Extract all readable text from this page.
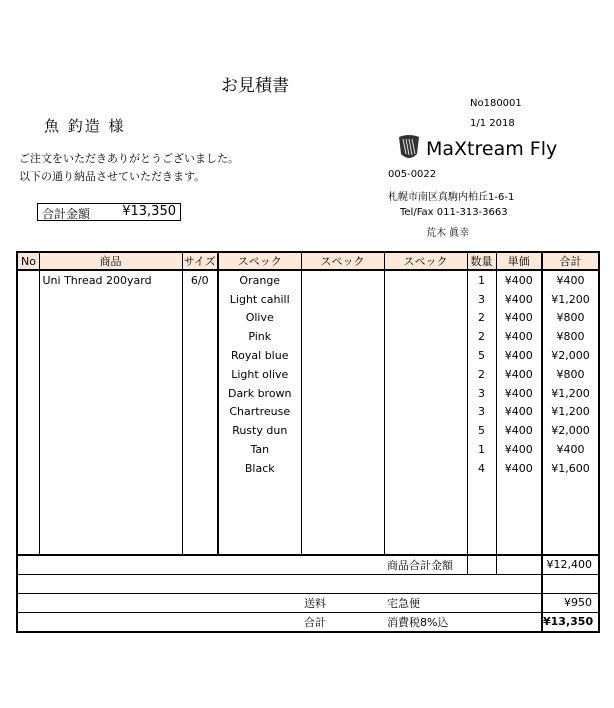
お見積書
No180001
1/1 2018
魚 釣造 様
ご注文をいただきありがとうございました。
以下の通り納品させていただきます。
合計金額 ¥13,350
MaXtream Fly
005-0022
札幌市南区真駒内柏丘1-6-1
Tel/Fax 011-313-3663
荒木 眞幸
No	商品	サイズ	スペック	スペック	スペック	数量	単価	合計
	Uni Thread 200yard	6/0	Orange			1	¥400	¥400
			Light cahill			3	¥400	¥1,200
			Olive			2	¥400	¥800
			Pink			2	¥400	¥800
			Royal blue			5	¥400	¥2,000
			Light olive			2	¥400	¥800
			Dark brown			3	¥400	¥1,200
			Chartreuse			3	¥400	¥1,200
			Rusty dun			5	¥400	¥2,000
			Tan			1	¥400	¥400
			Black			4	¥400	¥1,600

					商品合計金額			¥12,400

				送料	宅急便			¥950
				合計	消費税8%込			¥13,350
